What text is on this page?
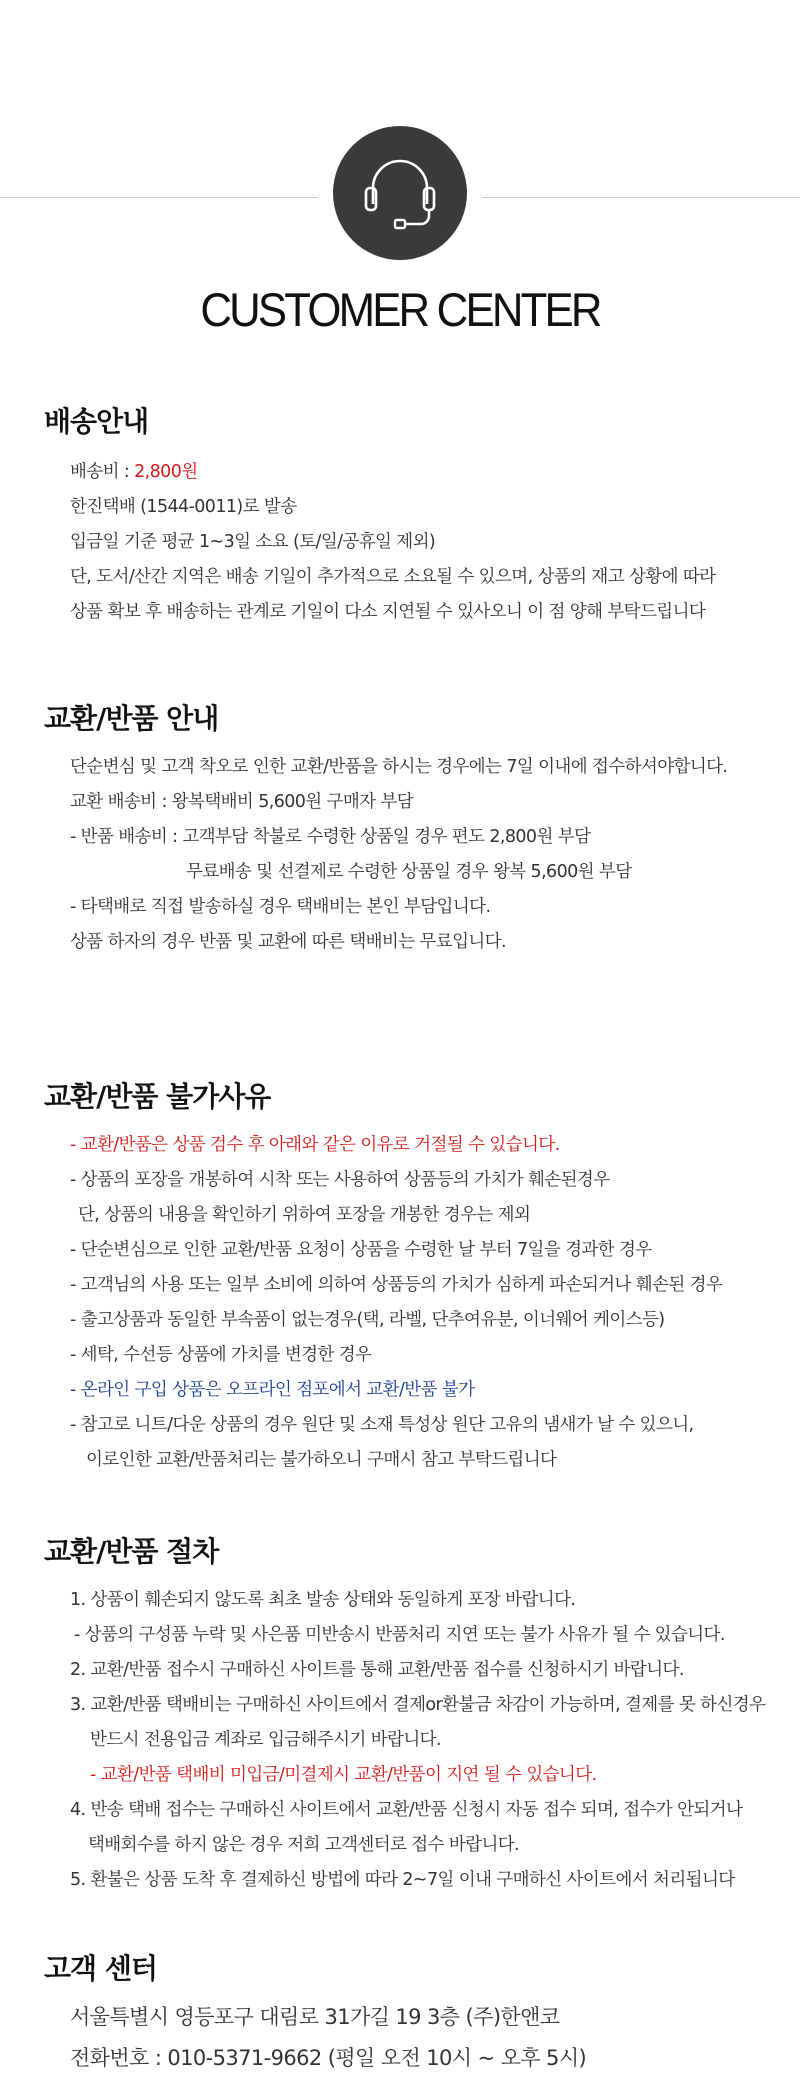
CUSTOMER CENTER
배송안내
배송비 : 2,800원
한진택배 (1544-0011)로 발송
입금일 기준 평균 1~3일 소요 (토/일/공휴일 제외)
단, 도서/산간 지역은 배송 기일이 추가적으로 소요될 수 있으며, 상품의 재고 상황에 따라
상품 확보 후 배송하는 관계로 기일이 다소 지연될 수 있사오니 이 점 양해 부탁드립니다
교환/반품 안내
단순변심 및 고객 착오로 인한 교환/반품을 하시는 경우에는 7일 이내에 접수하셔야합니다.
교환 배송비 : 왕복택배비 5,600원 구매자 부담
- 반품 배송비 : 고객부담 착불로 수령한 상품일 경우 편도 2,800원 부담
무료배송 및 선결제로 수령한 상품일 경우 왕복 5,600원 부담
- 타택배로 직접 발송하실 경우 택배비는 본인 부담입니다.
상품 하자의 경우 반품 및 교환에 따른 택배비는 무료입니다.
교환/반품 불가사유
- 교환/반품은 상품 검수 후 아래와 같은 이유로 거절될 수 있습니다.
- 상품의 포장을 개봉하여 시착 또는 사용하여 상품등의 가치가 훼손된경우
단, 상품의 내용을 확인하기 위하여 포장을 개봉한 경우는 제외
- 단순변심으로 인한 교환/반품 요청이 상품을 수령한 날 부터 7일을 경과한 경우
- 고객님의 사용 또는 일부 소비에 의하여 상품등의 가치가 심하게 파손되거나 훼손된 경우
- 출고상품과 동일한 부속품이 없는경우(택, 라벨, 단추여유분, 이너웨어 케이스등)
- 세탁, 수선등 상품에 가치를 변경한 경우
- 온라인 구입 상품은 오프라인 점포에서 교환/반품 불가
- 참고로 니트/다운 상품의 경우 원단 및 소재 특성상 원단 고유의 냄새가 날 수 있으니,
이로인한 교환/반품처리는 불가하오니 구매시 참고 부탁드립니다
교환/반품 절차
1. 상품이 훼손되지 않도록 최초 발송 상태와 동일하게 포장 바랍니다.
- 상품의 구성품 누락 및 사은품 미반송시 반품처리 지연 또는 불가 사유가 될 수 있습니다.
2. 교환/반품 접수시 구매하신 사이트를 통해 교환/반품 접수를 신청하시기 바랍니다.
3. 교환/반품 택배비는 구매하신 사이트에서 결제or환불금 차감이 가능하며, 결제를 못 하신경우
반드시 전용입금 계좌로 입금해주시기 바랍니다.
- 교환/반품 택배비 미입금/미결제시 교환/반품이 지연 될 수 있습니다.
4. 반송 택배 접수는 구매하신 사이트에서 교환/반품 신청시 자동 접수 되며, 접수가 안되거나
택배회수를 하지 않은 경우 저희 고객센터로 접수 바랍니다.
5. 환불은 상품 도착 후 결제하신 방법에 따라 2~7일 이내 구매하신 사이트에서 처리됩니다
고객 센터
서울특별시 영등포구 대림로 31가길 19 3층 (주)한앤코
전화번호 : 010-5371-9662 (평일 오전 10시 ~ 오후 5시)
